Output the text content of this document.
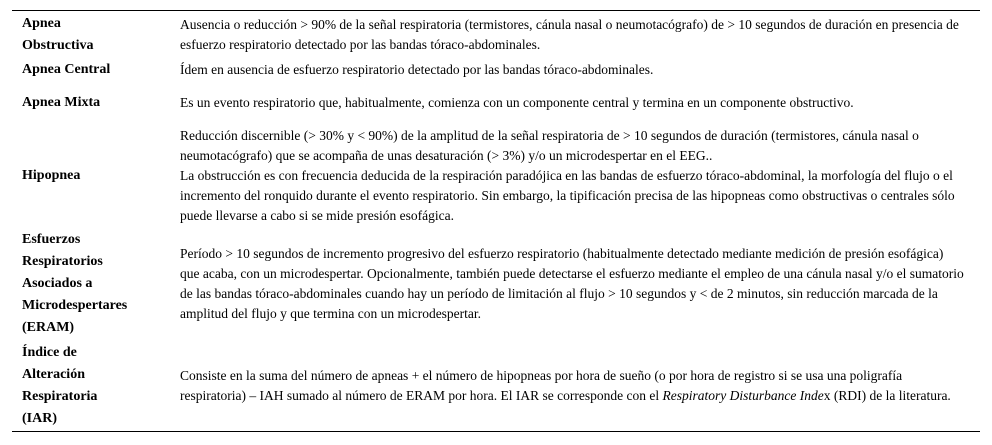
Apnea
Obstructiva

Ausencia o reducción > 90% de la señal respiratoria (termistores, cánula nasal o neumotacógrafo) de > 10 segundos de duración en presencia de esfuerzo respiratorio detectado por las bandas tóraco-abdominales.

Apnea Central	Ídem en ausencia de esfuerzo respiratorio detectado por las bandas tóraco-abdominales.

Apnea Mixta	Es un evento respiratorio que, habitualmente, comienza con un componente central y termina en un componente obstructivo.

Hipopnea

Reducción discernible (> 30% y < 90%) de la amplitud de la señal respiratoria de > 10 segundos de duración (termistores, cánula nasal o neumotacógrafo) que se acompaña de unas desaturación (> 3%) y/o un microdespertar en el EEG..

La obstrucción es con frecuencia deducida de la respiración paradójica en las bandas de esfuerzo tóraco-abdominal, la morfología del flujo o el incremento del ronquido durante el evento respiratorio. Sin embargo, la tipificación precisa de las hipopneas como obstructivas o centrales sólo puede llevarse a cabo si se mide presión esofágica.

Esfuerzos
Respiratorios
Asociados a
Microdespertares
(ERAM)

Período > 10 segundos de incremento progresivo del esfuerzo respiratorio (habitualmente detectado mediante medición de presión esofágica) que acaba, con un microdespertar. Opcionalmente, también puede detectarse el esfuerzo mediante el empleo de una cánula nasal y/o el sumatorio de las bandas tóraco-abdominales cuando hay un período de limitación al flujo > 10 segundos y < de 2 minutos, sin reducción marcada de la amplitud del flujo y que termina con un microdespertar.

Índice de
Alteración
Respiratoria
(IAR)

Consiste en la suma del número de apneas + el número de hipopneas por hora de sueño (o por hora de registro si se usa una poligrafía respiratoria) – IAH sumado al número de ERAM por hora. El IAR se corresponde con el Respiratory Disturbance Index (RDI) de la literatura.
